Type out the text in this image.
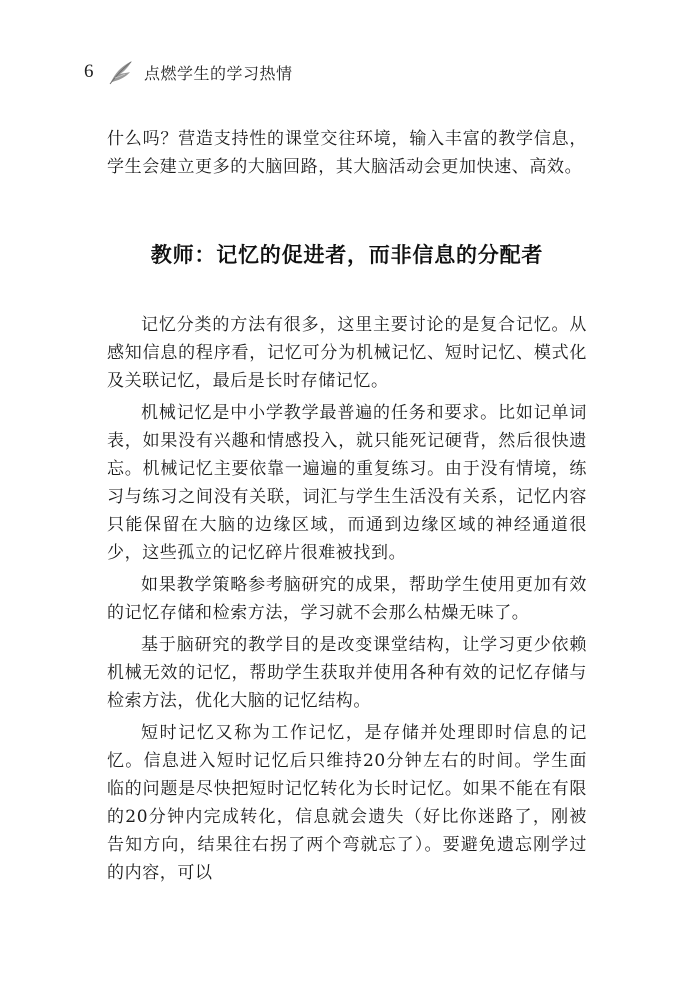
6	点燃学生的学习热情

什么吗？营造支持性的课堂交往环境，输入丰富的教学信息，学生会建立更多的大脑回路，其大脑活动会更加快速、高效。

教师：记忆的促进者，而非信息的分配者

记忆分类的方法有很多，这里主要讨论的是复合记忆。从感知信息的程序看，记忆可分为机械记忆、短时记忆、模式化及关联记忆，最后是长时存储记忆。

机械记忆是中小学教学最普遍的任务和要求。比如记单词表，如果没有兴趣和情感投入，就只能死记硬背，然后很快遗忘。机械记忆主要依靠一遍遍的重复练习。由于没有情境，练习与练习之间没有关联，词汇与学生生活没有关系，记忆内容只能保留在大脑的边缘区域，而通到边缘区域的神经通道很少，这些孤立的记忆碎片很难被找到。

如果教学策略参考脑研究的成果，帮助学生使用更加有效的记忆存储和检索方法，学习就不会那么枯燥无味了。

基于脑研究的教学目的是改变课堂结构，让学习更少依赖机械无效的记忆，帮助学生获取并使用各种有效的记忆存储与检索方法，优化大脑的记忆结构。

短时记忆又称为工作记忆，是存储并处理即时信息的记忆。信息进入短时记忆后只维持20分钟左右的时间。学生面临的问题是尽快把短时记忆转化为长时记忆。如果不能在有限的20分钟内完成转化，信息就会遗失（好比你迷路了，刚被告知方向，结果往右拐了两个弯就忘了）。要避免遗忘刚学过的内容，可以
